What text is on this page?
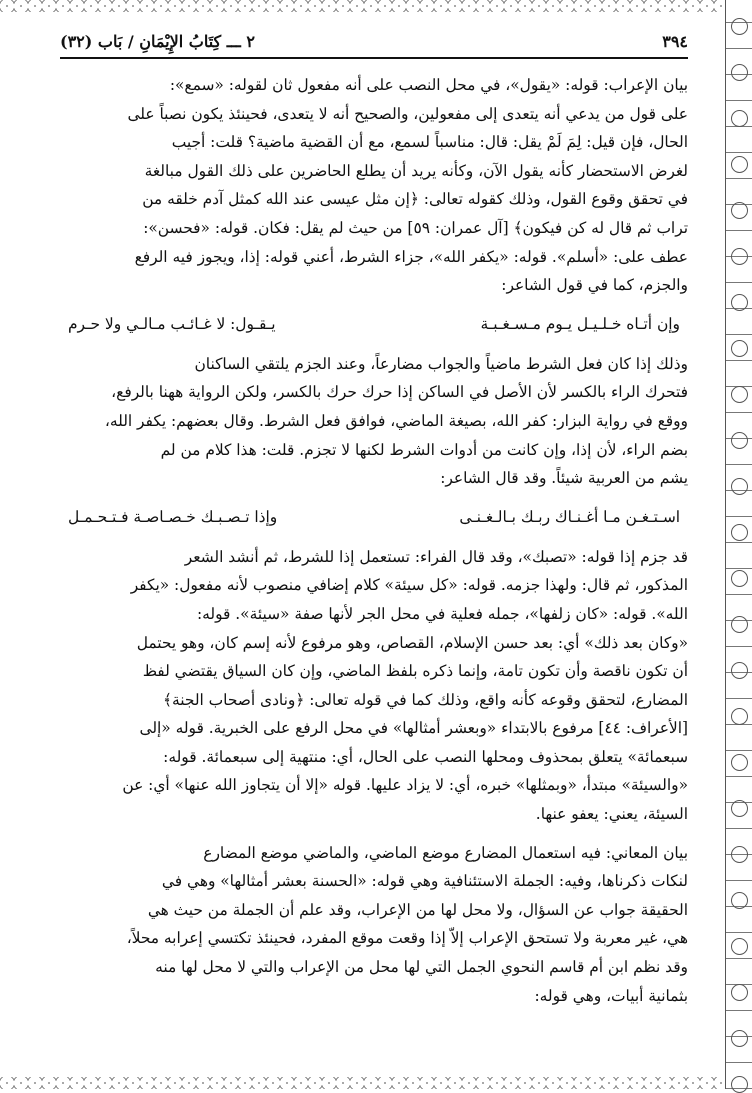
٣٩٤
٢ ـــ كِتَابُ الإِيْمَانِ / بَاب (٣٢)

بيان الإعراب: قوله: «يقول»، في محل النصب على أنه مفعول ثان لقوله: «سمع»:

على قول من يدعي أنه يتعدى إلى مفعولين، والصحيح أنه لا يتعدى، فحينئذ يكون نصباً على

الحال، فإن قيل: لِمَ لَمْ يقل: قال: مناسباً لسمع، مع أن القضية ماضية؟ قلت: أجيب

لغرض الاستحضار كأنه يقول الآن، وكأنه يريد أن يطلع الحاضرين على ذلك القول مبالغة

في تحقق وقوع القول، وذلك كقوله تعالى: ﴿إن مثل عيسى عند الله كمثل آدم خلقه من

تراب ثم قال له كن فيكون﴾ [آل عمران: ٥٩] من حيث لم يقل: فكان. قوله: «فحسن»:

عطف على: «أسلم». قوله: «يكفر الله»، جزاء الشرط، أعني قوله: إذا، ويجوز فيه الرفع

والجزم، كما في قول الشاعر:

وإن أتـاه خـلـيـل يـوم مـسـغـبـة
يـقـول: لا غـائـب مـالـي ولا حـرم

وذلك إذا كان فعل الشرط ماضياً والجواب مضارعاً، وعند الجزم يلتقي الساكنان

فتحرك الراء بالكسر لأن الأصل في الساكن إذا حرك حرك بالكسر، ولكن الرواية ههنا بالرفع،

ووقع في رواية البزار: كفر الله، بصيغة الماضي، فوافق فعل الشرط. وقال بعضهم: يكفر الله،

بضم الراء، لأن إذا، وإن كانت من أدوات الشرط لكنها لا تجزم. قلت: هذا كلام من لم

يشم من العربية شيئاً. وقد قال الشاعر:

اسـتـغـن مـا أغـنـاك ربـك بـالـغـنـى
وإذا تـصـبـك خـصـاصـة فـتـحـمـل

قد جزم إذا قوله: «تصبك»، وقد قال الفراء: تستعمل إذا للشرط، ثم أنشد الشعر

المذكور، ثم قال: ولهذا جزمه. قوله: «كل سيئة» كلام إضافي منصوب لأنه مفعول: «يكفر

الله». قوله: «كان زلفها»، جمله فعلية في محل الجر لأنها صفة «سيئة». قوله:

«وكان بعد ذلك» أي: بعد حسن الإسلام، القصاص، وهو مرفوع لأنه إسم كان، وهو يحتمل

أن تكون ناقصة وأن تكون تامة، وإنما ذكره بلفظ الماضي، وإن كان السياق يقتضي لفظ

المضارع، لتحقق وقوعه كأنه واقع، وذلك كما في قوله تعالى: ﴿ونادى أصحاب الجنة﴾

[الأعراف: ٤٤] مرفوع بالابتداء «وبعشر أمثالها» في محل الرفع على الخبرية. قوله «إلى

سبعمائة» يتعلق بمحذوف ومحلها النصب على الحال، أي: منتهية إلى سبعمائة. قوله:

«والسيئة» مبتدأ، «وبمثلها» خبره، أي: لا يزاد عليها. قوله «إلا أن يتجاوز الله عنها» أي: عن

السيئة، يعني: يعفو عنها.

بيان المعاني: فيه استعمال المضارع موضع الماضي، والماضي موضع المضارع

لنكات ذكرناها، وفيه: الجملة الاستئنافية وهي قوله: «الحسنة بعشر أمثالها» وهي في

الحقيقة جواب عن السؤال، ولا محل لها من الإعراب، وقد علم أن الجملة من حيث هي

هي، غير معربة ولا تستحق الإعراب إلاّ إذا وقعت موقع المفرد، فحينئذ تكتسي إعرابه محلاً،

وقد نظم ابن أم قاسم النحوي الجمل التي لها محل من الإعراب والتي لا محل لها منه

بثمانية أبيات، وهي قوله:
